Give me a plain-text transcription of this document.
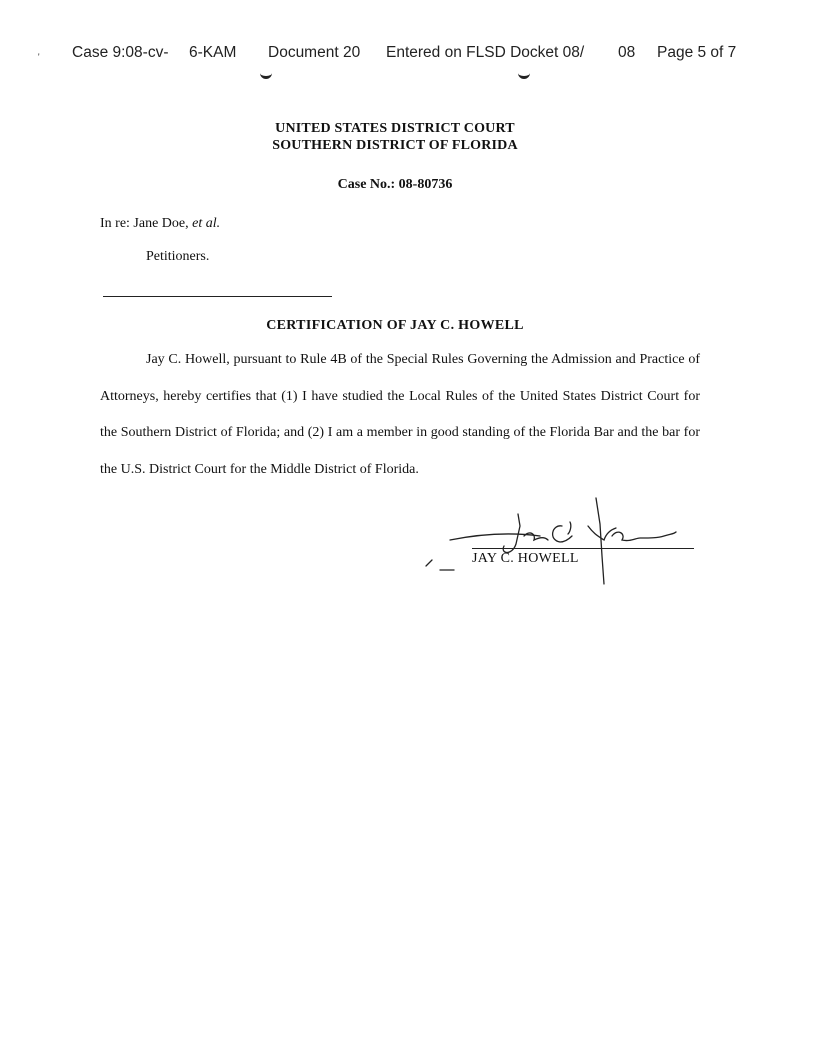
Case 9:08-cv- 6-KAM Document 20 Entered on FLSD Docket 08/ 08 Page 5 of 7
'
UNITED STATES DISTRICT COURT
SOUTHERN DISTRICT OF FLORIDA
Case No.: 08-80736
In re: Jane Doe, et al.
Petitioners.
CERTIFICATION OF JAY C. HOWELL

Jay C. Howell, pursuant to Rule 4B of the Special Rules Governing the Admission and Practice of Attorneys, hereby certifies that (1) I have studied the Local Rules of the United States District Court for the Southern District of Florida; and (2) I am a member in good standing of the Florida Bar and the bar for the U.S. District Court for the Middle District of Florida.

JAY C. HOWELL
